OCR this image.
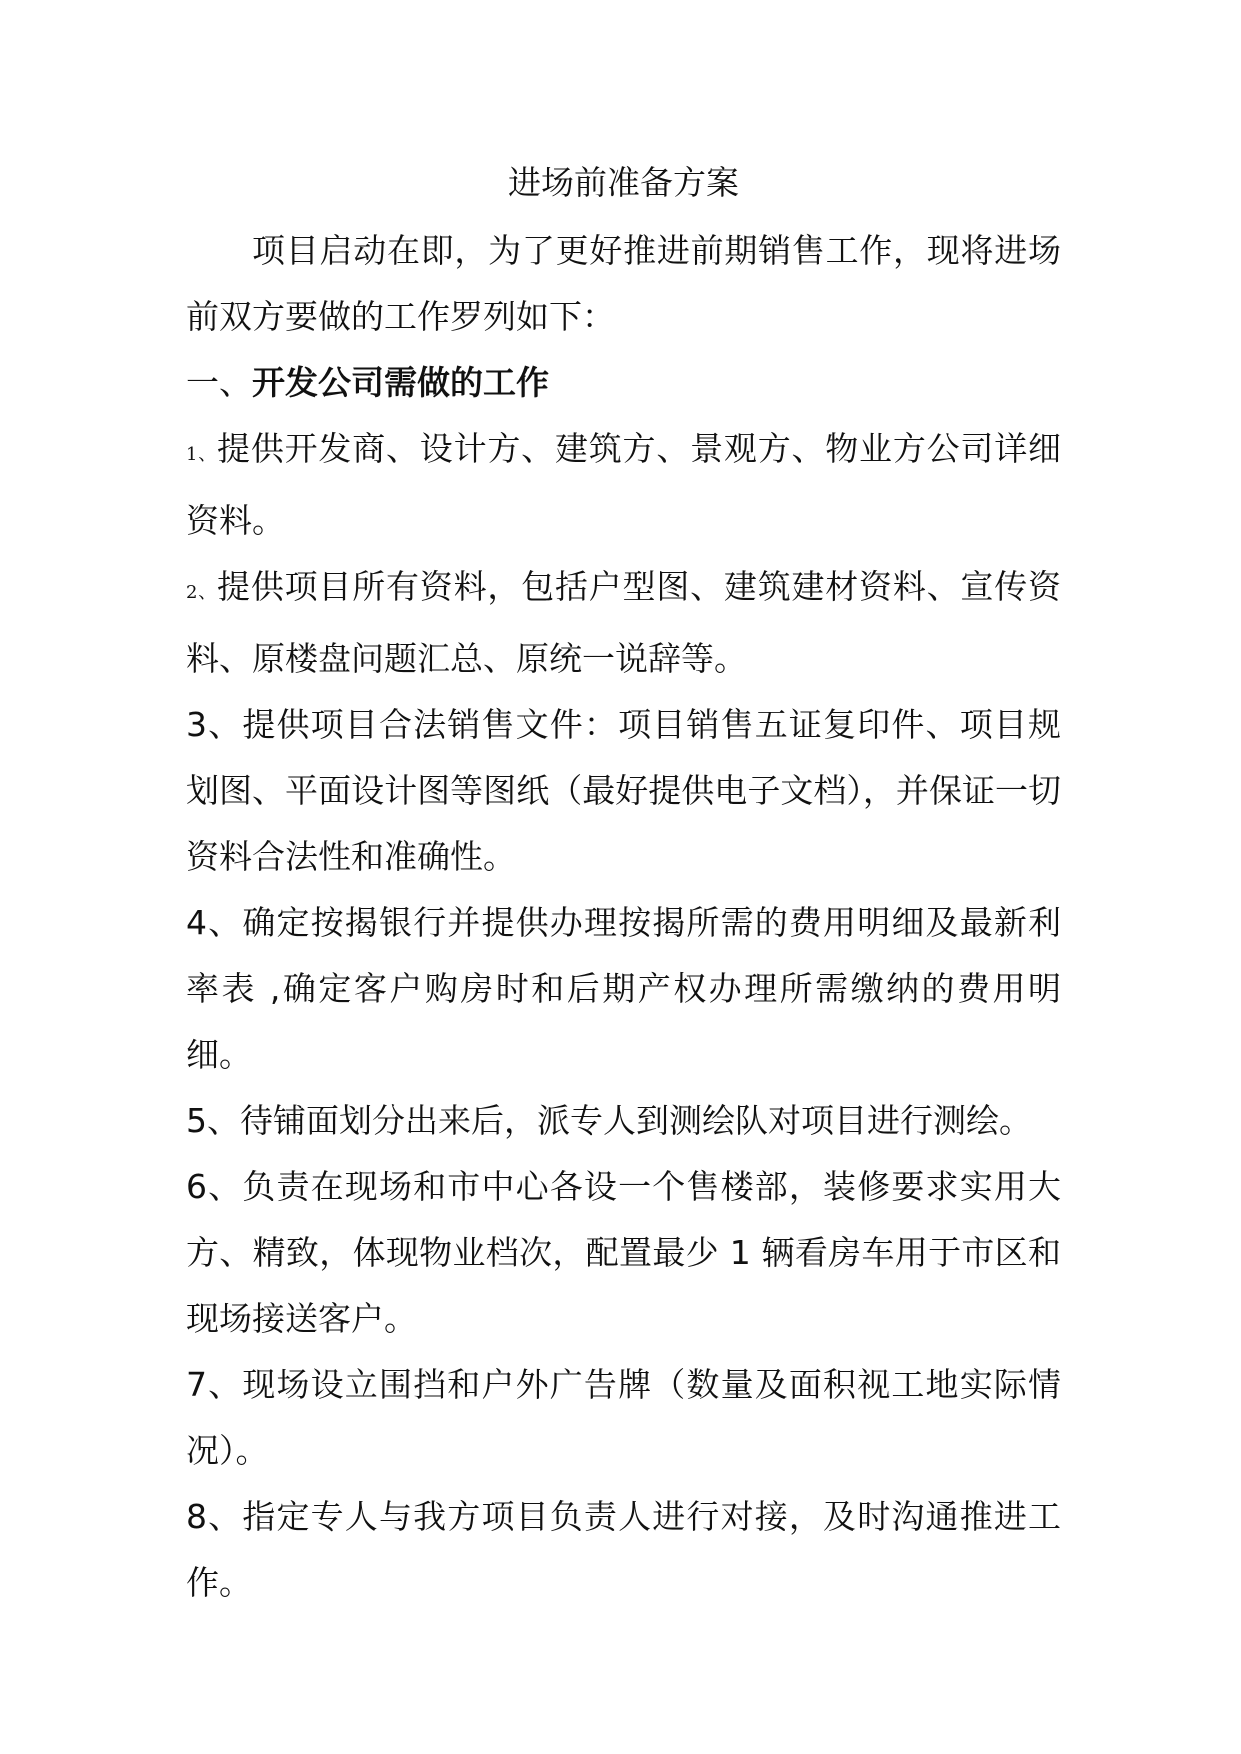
进场前准备方案

项目启动在即，为了更好推进前期销售工作，现将进场前双方要做的工作罗列如下：

一、开发公司需做的工作

1、提供开发商、设计方、建筑方、景观方、物业方公司详细资料。

2、提供项目所有资料，包括户型图、建筑建材资料、宣传资料、原楼盘问题汇总、原统一说辞等。

3、提供项目合法销售文件：项目销售五证复印件、项目规划图、平面设计图等图纸（最好提供电子文档），并保证一切资料合法性和准确性。

4、确定按揭银行并提供办理按揭所需的费用明细及最新利率表 ,确定客户购房时和后期产权办理所需缴纳的费用明细。

5、待铺面划分出来后，派专人到测绘队对项目进行测绘。

6、负责在现场和市中心各设一个售楼部，装修要求实用大方、精致，体现物业档次，配置最少 1 辆看房车用于市区和现场接送客户。

7、现场设立围挡和户外广告牌（数量及面积视工地实际情况）。

8、指定专人与我方项目负责人进行对接，及时沟通推进工作。
